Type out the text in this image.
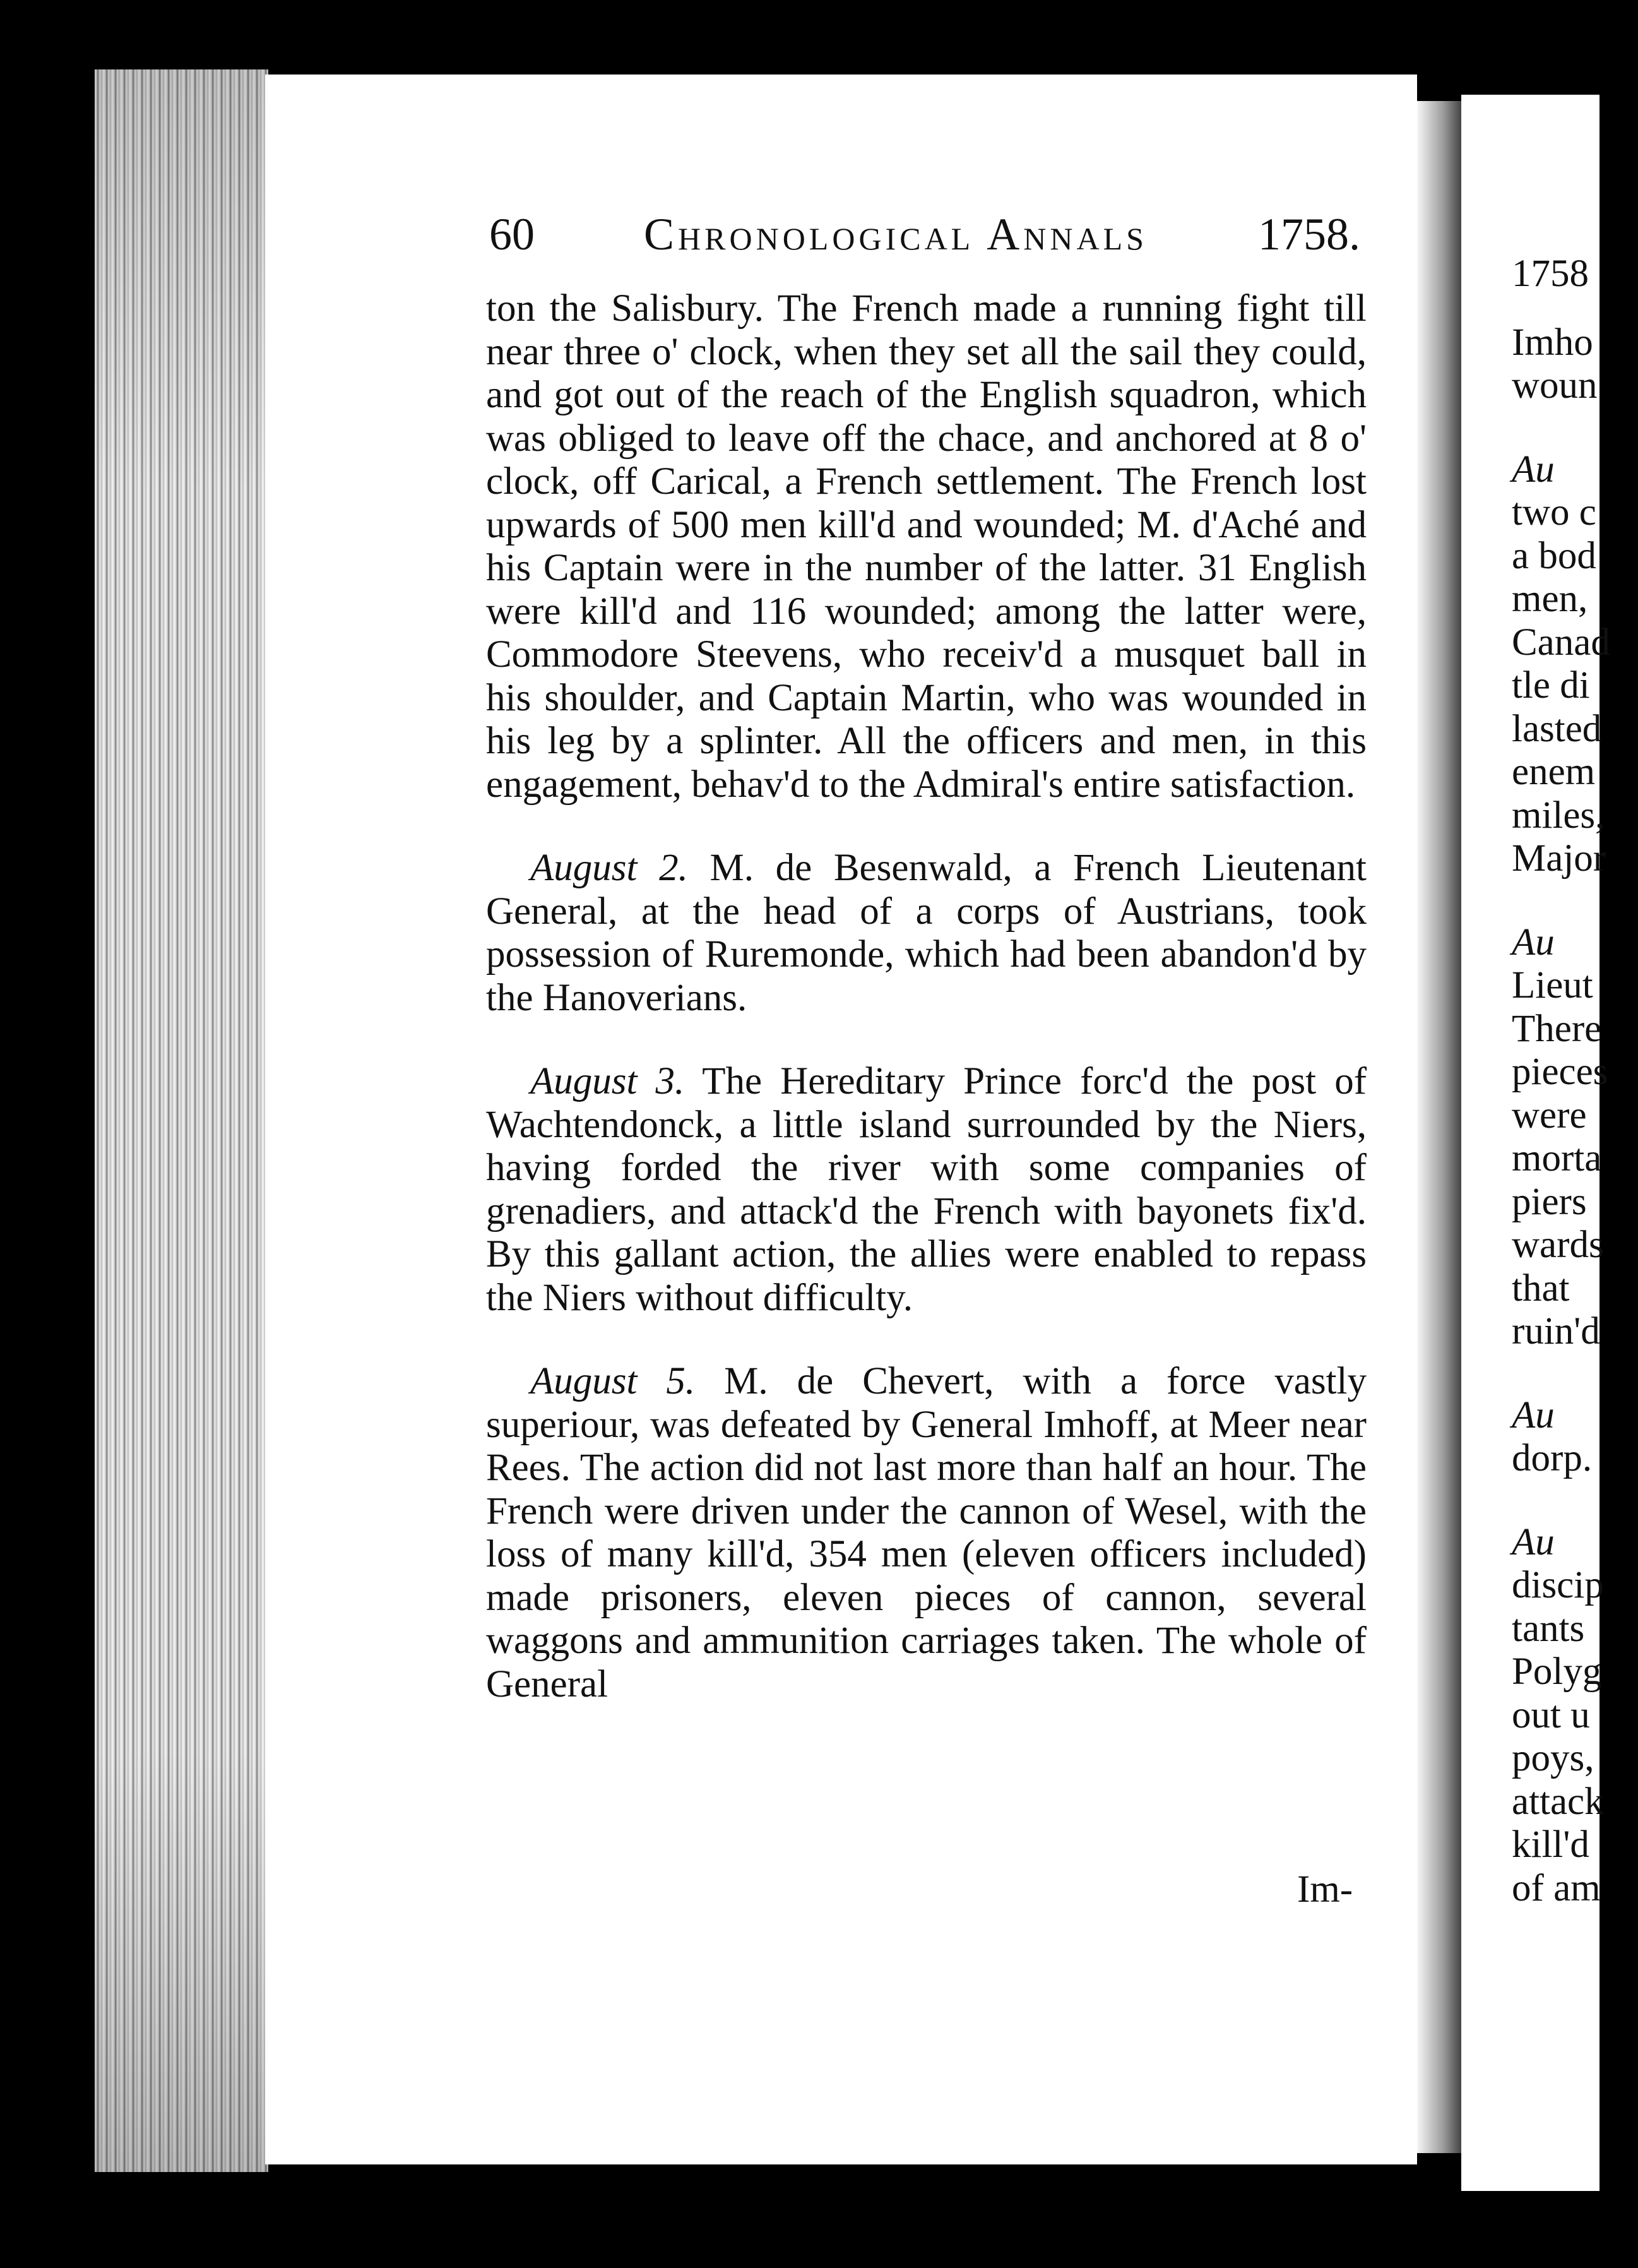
60 Chronological Annals 1758.

ton the Salisbury. The French made a running fight till near three o' clock, when they set all the sail they could, and got out of the reach of the English squadron, which was obliged to leave off the chace, and anchored at 8 o' clock, off Carical, a French settlement. The French lost upwards of 500 men kill'd and wounded; M. d'Aché and his Captain were in the number of the latter. 31 English were kill'd and 116 wounded; among the latter were, Commodore Steevens, who receiv'd a musquet ball in his shoulder, and Captain Martin, who was wounded in his leg by a splinter. All the officers and men, in this engagement, behav'd to the Admiral's entire satisfaction.

August 2. M. de Besenwald, a French Lieutenant General, at the head of a corps of Austrians, took possession of Ruremonde, which had been abandon'd by the Hanoverians.

August 3. The Hereditary Prince forc'd the post of Wachtendonck, a little island surrounded by the Niers, having forded the river with some companies of grenadiers, and attack'd the French with bayonets fix'd. By this gallant action, the allies were enabled to repass the Niers without difficulty.

August 5. M. de Chevert, with a force vastly superiour, was defeated by General Imhoff, at Meer near Rees. The action did not last more than half an hour. The French were driven under the cannon of Wesel, with the loss of many kill'd, 354 men (eleven officers included) made prisoners, eleven pieces of cannon, several waggons and ammunition carriages taken. The whole of General

Im-
1758
Imho
woun
Au
two c
a bod
men,
Canad
tle di
lasted
enem
miles,
Major
Au
Lieut
There
pieces
were
morta
piers
wards
that
ruin'd
Au
dorp.
Au
discip
tants
Polyg
out u
poys,
attack
kill'd
of am
